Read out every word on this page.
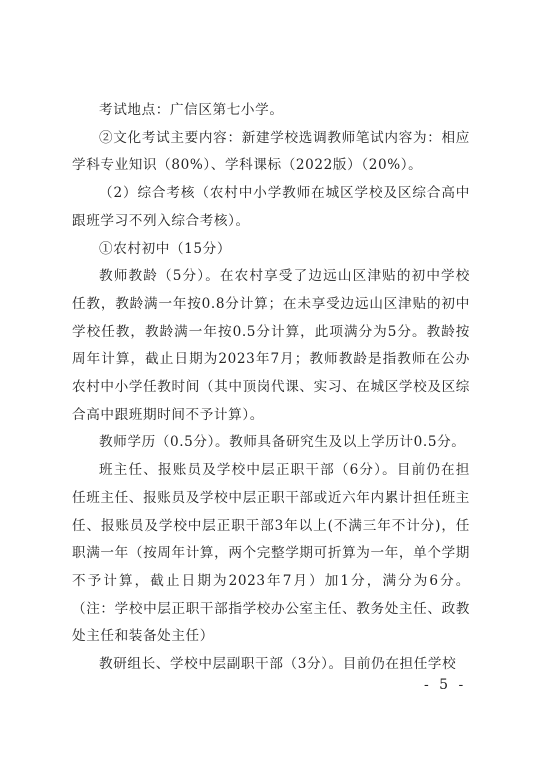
考试地点：广信区第七小学。

②文化考试主要内容：新建学校选调教师笔试内容为：相应学科专业知识（80%）、学科课标（2022版）（20%）。

（2）综合考核（农村中小学教师在城区学校及区综合高中跟班学习不列入综合考核）。

①农村初中（15分）

教师教龄（5分）。在农村享受了边远山区津贴的初中学校任教，教龄满一年按0.8分计算；在未享受边远山区津贴的初中学校任教，教龄满一年按0.5分计算，此项满分为5分。教龄按周年计算，截止日期为2023年7月；教师教龄是指教师在公办农村中小学任教时间（其中顶岗代课、实习、在城区学校及区综合高中跟班期时间不予计算）。

教师学历（0.5分）。教师具备研究生及以上学历计0.5分。

班主任、报账员及学校中层正职干部（6分）。目前仍在担任班主任、报账员及学校中层正职干部或近六年内累计担任班主任、报账员及学校中层正职干部3年以上(不满三年不计分)，任职满一年（按周年计算，两个完整学期可折算为一年，单个学期不予计算，截止日期为2023年7月）加1分，满分为6分。（注：学校中层正职干部指学校办公室主任、教务处主任、政教处主任和装备处主任）

教研组长、学校中层副职干部（3分）。目前仍在担任学校

- 5 -
